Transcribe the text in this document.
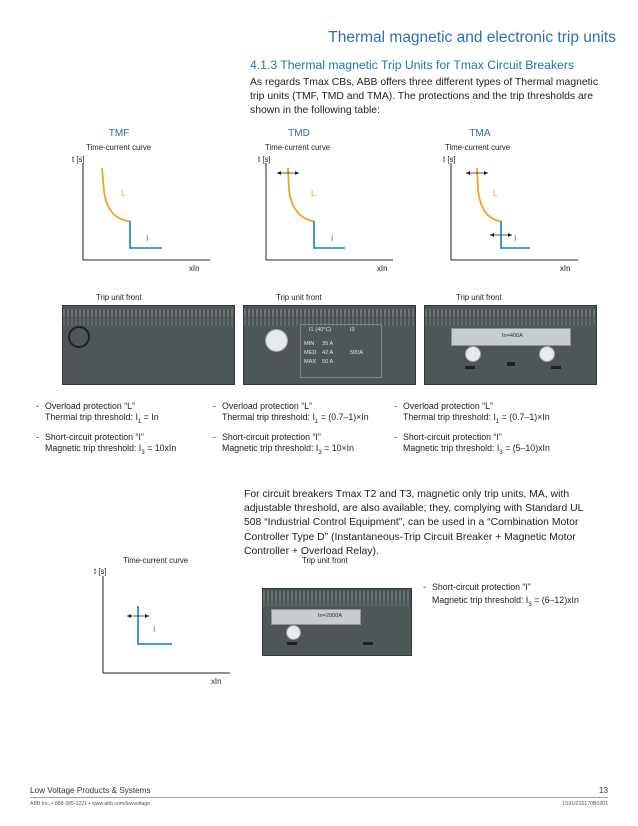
Thermal magnetic and electronic trip units
4.1.3 Thermal magnetic Trip Units for Tmax Circuit Breakers
As regards Tmax CBs, ABB offers three different types of Thermal magnetic trip units (TMF, TMD and TMA). The protections and the trip thresholds are shown in the following table:
TMF
Time-current curve
t [s]
L
I
xIn
Trip unit front
- Overload protection “L”
Thermal trip threshold: $I_1 = In$
- Short-circuit protection “I”
Magnetic trip threshold: $I_3 = 10xIn$
TMD
Time-current curve
t [s]
L
I
xIn
Trip unit front
I1 (40°C)	I3
MIN 35 A
MED 42 A
MAX 50 A
500A
- Overload protection “L”
Thermal trip threshold: $I_1 = (0.7-1)\times In$
- Short-circuit protection “I”
Magnetic trip threshold: $I_3 = 10\times In$
TMA
Time-current curve
t [s]
L
I
xIn
Trip unit front
In=400A
- Overload protection “L”
Thermal trip threshold: $I_1 = (0.7-1)\times In$
- Short-circuit protection “I”
Magnetic trip threshold: $I_3 = (5-10)xIn$
For circuit breakers Tmax T2 and T3, magnetic only trip units, MA, with adjustable threshold, are also available; they, complying with Standard UL 508 “Industrial Control Equipment”, can be used in a “Combination Motor Controller Type D” (Instantaneous-Trip Circuit Breaker + Magnetic Motor Controller + Overload Relay).
Time-current curve
t [s]
I
xIn
Trip unit front
In=2000A
- Short-circuit protection “I”
Magnetic trip threshold: $I_3 = (6-12)xIn$
Low Voltage Products & Systems	13
ABB Inc. • 888-385-1221 • www.abb.com/lowvoltage	1SXU210170B0201
